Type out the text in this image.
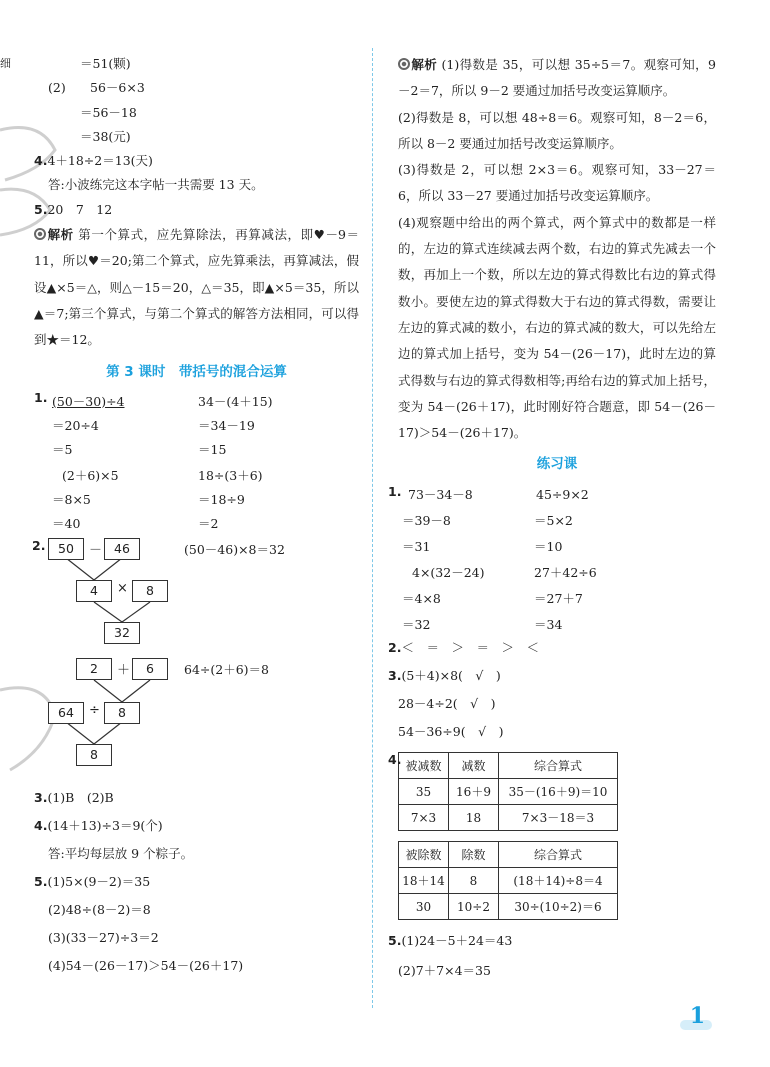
细	＝51(颗)
(2) 56－6×3
＝56－18
＝38(元)
4.4＋18÷2＝13(天)
答:小波练完这本字帖一共需要 13 天。
5.20　7　12
解析 第一个算式，应先算除法，再算减法，即♥－9＝11，所以♥＝20;第二个算式，应先算乘法，再算减法，假设▲×5＝△，则△－15＝20，△＝35，即▲×5＝35，所以▲＝7;第三个算式，与第二个算式的解答方法相同，可以得到★＝12。
第 3 课时　带括号的混合运算
1. (50－30)÷4
＝20÷4
＝5
34－(4＋15)
＝34－19
＝15
(2＋6)×5
＝8×5
＝40
18÷(3＋6)
＝18÷9
＝2
2.	50	－ 46
4	×	8
32
(50－46)×8＝32
2	＋	6
64	÷	8
8
64÷(2＋6)＝8
3.(1)B　(2)B
4.(14＋13)÷3＝9(个)
答:平均每层放 9 个粽子。
5.(1)5×(9－2)＝35
(2)48÷(8－2)＝8
(3)(33－27)÷3＝2
(4)54－(26－17)＞54－(26＋17)
解析 (1)得数是 35，可以想 35÷5＝7。观察可知，9－2＝7，所以 9－2 要通过加括号改变运算顺序。
(2)得数是 8，可以想 48÷8＝6。观察可知，8－2＝6，所以 8－2 要通过加括号改变运算顺序。
(3)得数是 2，可以想 2×3＝6。观察可知，33－27＝6，所以 33－27 要通过加括号改变运算顺序。
(4)观察题中给出的两个算式，两个算式中的数都是一样的，左边的算式连续减去两个数，右边的算式先减去一个数，再加上一个数，所以左边的算式得数比右边的算式得数小。要使左边的算式得数大于右边的算式得数，需要让左边的算式减的数小，右边的算式减的数大，可以先给左边的算式加上括号，变为 54－(26－17)，此时左边的算式得数与右边的算式得数相等;再给右边的算式加上括号，变为 54－(26＋17)，此时刚好符合题意，即 54－(26－17)＞54－(26＋17)。
练习课
1. 73－34－8
＝39－8
＝31
4×(32－24)
＝4×8
＝32
45÷9×2
＝5×2
＝10
27＋42÷6
＝27＋7
＝34
2.＜　＝　＞　＝　＞　＜
3.(5＋4)×8(　√　)
28－4÷2(　√　)
54－36÷9(　√　)
4. 被减数	减数	综合算式
35	16＋9	35－(16＋9)＝10
7×3	18	7×3－18＝3
被除数	除数	综合算式
18＋14	8	(18＋14)÷8＝4
30	10÷2	30÷(10÷2)＝6
5.(1)24－5＋24＝43
(2)7＋7×4＝35
1
